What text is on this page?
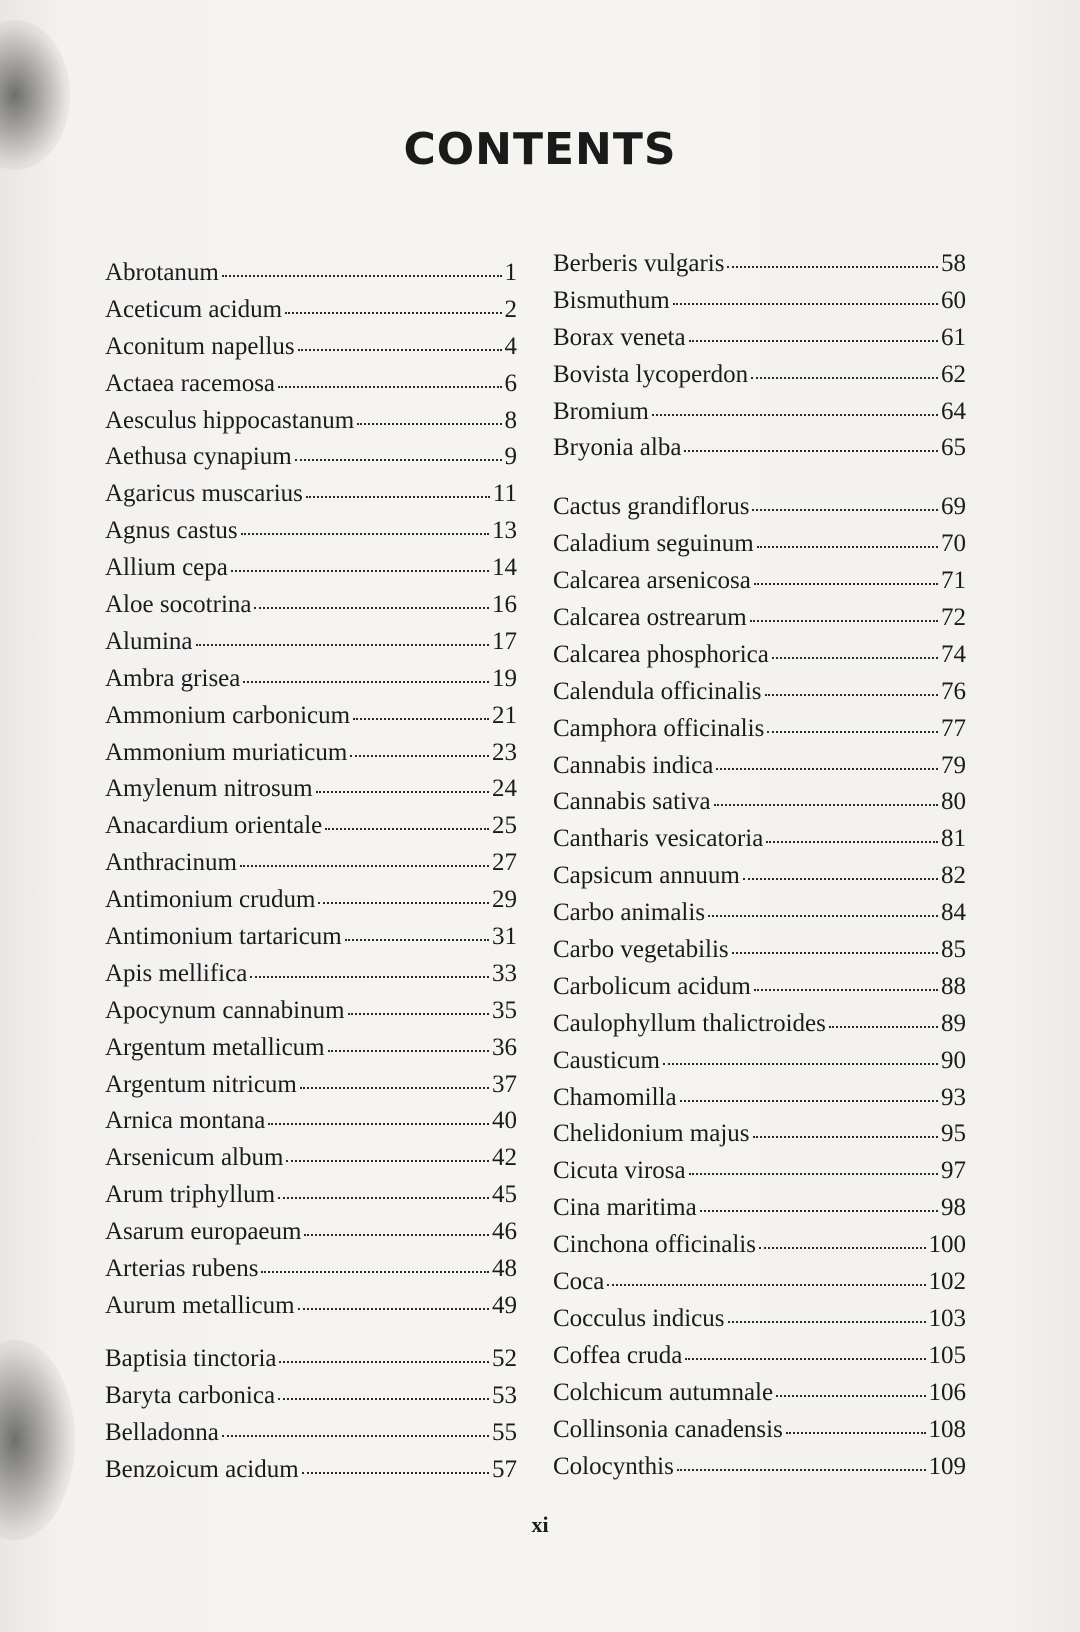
CONTENTS
Abrotanum	1
Aceticum acidum	2
Aconitum napellus	4
Actaea racemosa	6
Aesculus hippocastanum	8
Aethusa cynapium	9
Agaricus muscarius	11
Agnus castus	13
Allium cepa	14
Aloe socotrina	16
Alumina	17
Ambra grisea	19
Ammonium carbonicum	21
Ammonium muriaticum	23
Amylenum nitrosum	24
Anacardium orientale	25
Anthracinum	27
Antimonium crudum	29
Antimonium tartaricum	31
Apis mellifica	33
Apocynum cannabinum	35
Argentum metallicum	36
Argentum nitricum	37
Arnica montana	40
Arsenicum album	42
Arum triphyllum	45
Asarum europaeum	46
Arterias rubens	48
Aurum metallicum	49
Baptisia tinctoria	52
Baryta carbonica	53
Belladonna	55
Benzoicum acidum	57
Berberis vulgaris	58
Bismuthum	60
Borax veneta	61
Bovista lycoperdon	62
Bromium	64
Bryonia alba	65
Cactus grandiflorus	69
Caladium seguinum	70
Calcarea arsenicosa	71
Calcarea ostrearum	72
Calcarea phosphorica	74
Calendula officinalis	76
Camphora officinalis	77
Cannabis indica	79
Cannabis sativa	80
Cantharis vesicatoria	81
Capsicum annuum	82
Carbo animalis	84
Carbo vegetabilis	85
Carbolicum acidum	88
Caulophyllum thalictroides	89
Causticum	90
Chamomilla	93
Chelidonium majus	95
Cicuta virosa	97
Cina maritima	98
Cinchona officinalis	100
Coca	102
Cocculus indicus	103
Coffea cruda	105
Colchicum autumnale	106
Collinsonia canadensis	108
Colocynthis	109
xi
